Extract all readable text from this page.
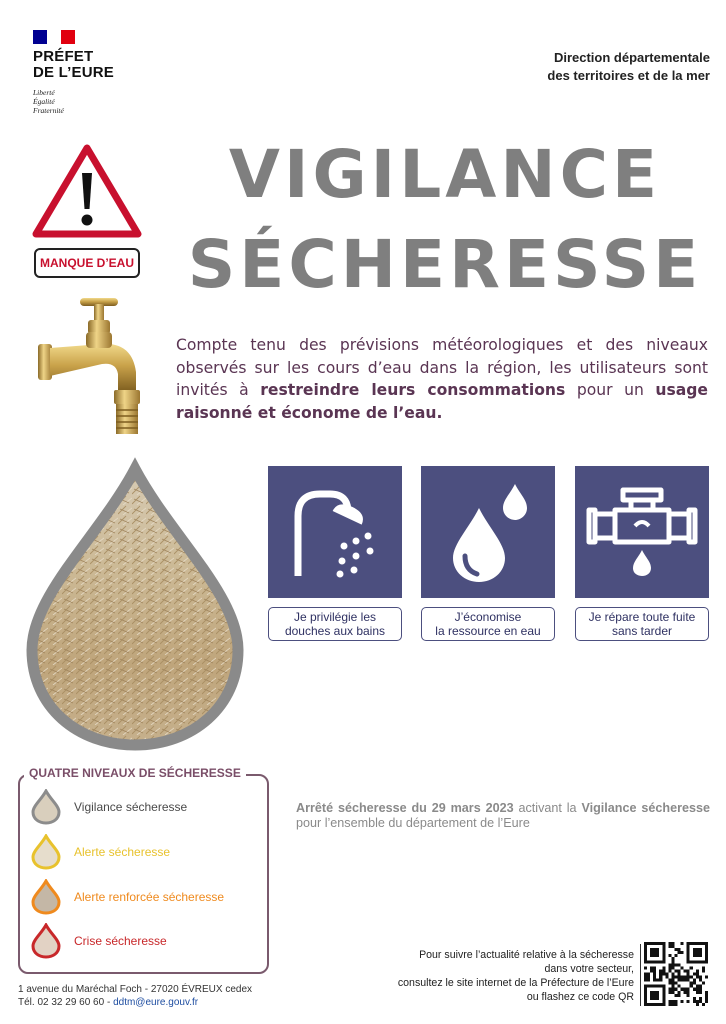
PRÉFET
DE L’EURE
Liberté
Égalité
Fraternité
Direction départementale
des territoires et de la mer
VIGILANCE
SÉCHERESSE
MANQUE D’EAU
Compte tenu des prévisions météorologiques et des niveaux observés sur les cours d’eau dans la région, les utilisateurs sont invités à restreindre leurs consommations pour un usage raisonné et économe de l’eau.
Je privilégie les
douches aux bains
J’économise
la ressource en eau
Je répare toute fuite
sans tarder
QUATRE NIVEAUX DE SÉCHERESSE
Vigilance sécheresse
Alerte sécheresse
Alerte renforcée sécheresse
Crise sécheresse
Arrêté sécheresse du 29 mars 2023 activant la Vigilance sécheresse pour l’ensemble du département de l’Eure
Pour suivre l’actualité relative à la sécheresse
dans votre secteur,
consultez le site internet de la Préfecture de l’Eure
ou flashez ce code QR
1 avenue du Maréchal Foch - 27020 ÉVREUX cedex
Tél. 02 32 29 60 60 - ddtm@eure.gouv.fr
